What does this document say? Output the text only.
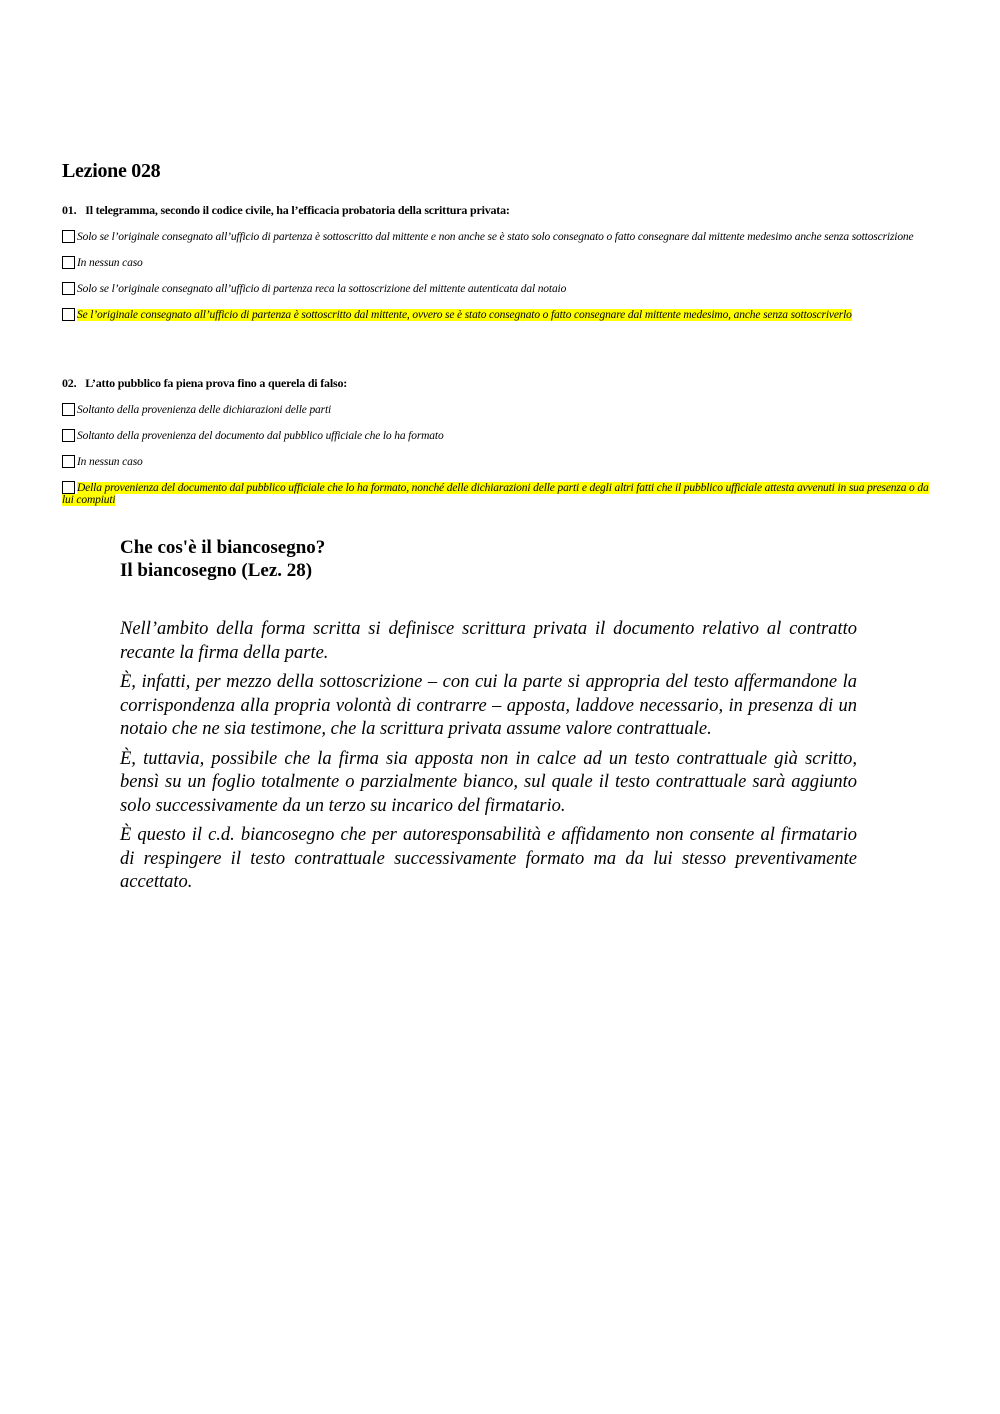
Lezione 028

01. Il telegramma, secondo il codice civile, ha l’efficacia probatoria della scrittura privata:

Solo se l’originale consegnato all’ufficio di partenza è sottoscritto dal mittente e non anche se è stato solo consegnato o fatto consegnare dal mittente medesimo anche senza sottoscrizione

In nessun caso

Solo se l’originale consegnato all’ufficio di partenza reca la sottoscrizione del mittente autenticata dal notaio

Se l’originale consegnato all’ufficio di partenza è sottoscritto dal mittente, ovvero se è stato consegnato o fatto consegnare dal mittente medesimo, anche senza sottoscriverlo

02. L’atto pubblico fa piena prova fino a querela di falso:

Soltanto della provenienza delle dichiarazioni delle parti

Soltanto della provenienza del documento dal pubblico ufficiale che lo ha formato

In nessun caso

Della provenienza del documento dal pubblico ufficiale che lo ha formato, nonché delle dichiarazioni delle parti e degli altri fatti che il pubblico ufficiale attesta avvenuti in sua presenza o da lui compiuti

Che cos'è il biancosegno?
Il biancosegno (Lez. 28)

Nell’ambito della forma scritta si definisce scrittura privata il documento relativo al contratto recante la firma della parte.

È, infatti, per mezzo della sottoscrizione – con cui la parte si appropria del testo affermandone la corrispondenza alla propria volontà di contrarre – apposta, laddove necessario, in presenza di un notaio che ne sia testimone, che la scrittura privata assume valore contrattuale.

È, tuttavia, possibile che la firma sia apposta non in calce ad un testo contrattuale già scritto, bensì su un foglio totalmente o parzialmente bianco, sul quale il testo contrattuale sarà aggiunto solo successivamente da un terzo su incarico del firmatario.

È questo il c.d. biancosegno che per autoresponsabilità e affidamento non consente al firmatario di respingere il testo contrattuale successivamente formato ma da lui stesso preventivamente accettato.
